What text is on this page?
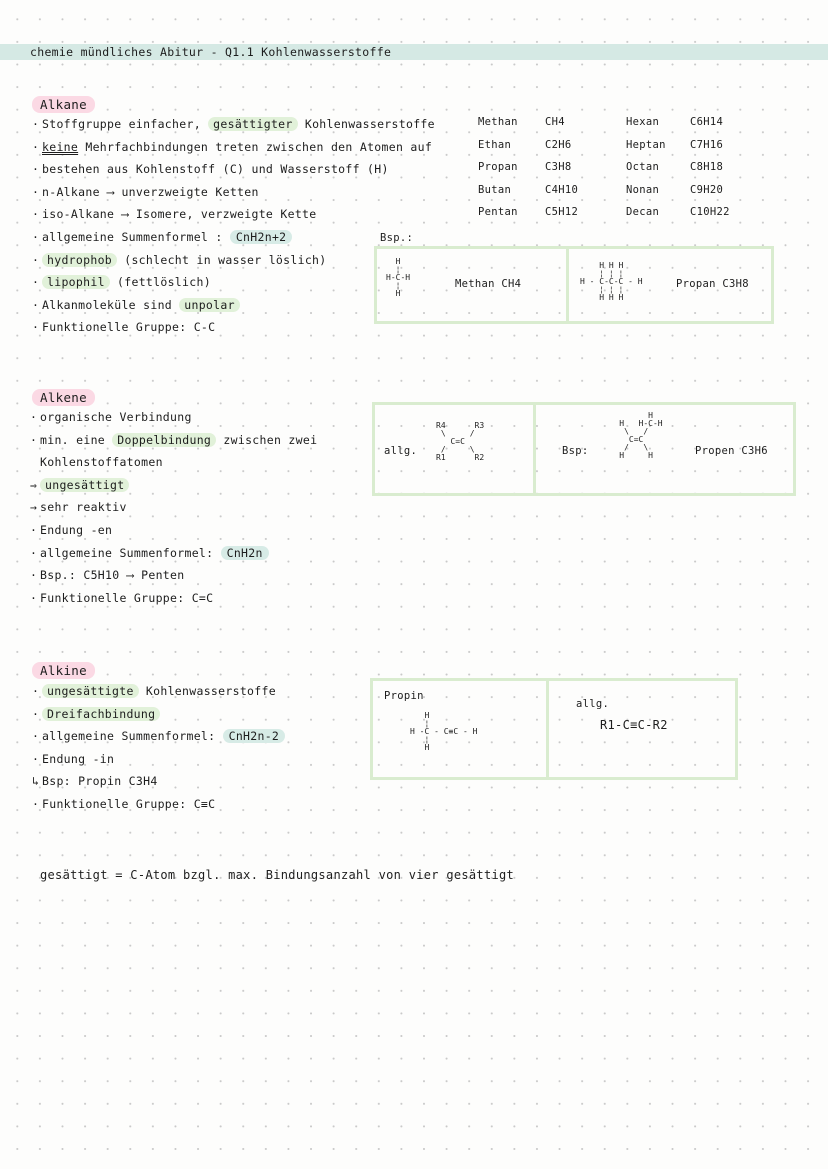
chemie mündliches Abitur - Q1.1 Kohlenwasserstoffe
Alkane
· Stoffgruppe einfacher, gesättigter Kohlenwasserstoffe
· keine Mehrfachbindungen treten zwischen den Atomen auf
· bestehen aus Kohlenstoff (C) und Wasserstoff (H)
· n-Alkane ⟶ unverzweigte Ketten
· iso-Alkane ⟶ Isomere, verzweigte Kette
· allgemeine Summenformel : CnH2n+2
· hydrophob (schlecht in wasser löslich)
· lipophil (fettlöslich)
· Alkanmoleküle sind unpolar
· Funktionelle Gruppe: C-C
Methan	CH4	Hexan	C6H14
Ethan	C2H6	Heptan C7H16
Propan	C3H8	Octan	C8H18
Butan	C4H10	Nonan	C9H20
Pentan	C5H12	Decan	C10H22
Bsp.:
H
¦
H-C-H
¦
H
Methan CH4
H H H
¦ ¦ ¦
H - C-C-C - H
¦ ¦ ¦
H H H
Propan C3H8
Alkene
· organische Verbindung
· min. eine Doppelbindung zwischen zwei
Kohlenstoffatomen
⇒ ungesättigt
→ sehr reaktiv
· Endung -en
· allgemeine Summenformel: CnH2n
· Bsp.: C5H10 ⟶ Penten
· Funktionelle Gruppe: C=C
allg.
R4      R3
\     /
C=C
/     \
R1      R2
Bsp:
H
H   H-C-H
\   /
C=C
/   \
H     H	Propen C3H6
Alkine
· ungesättigte Kohlenwasserstoffe
· Dreifachbindung
· allgemeine Summenformel: CnH2n-2
· Endung -in
↳ Bsp: Propin C3H4
· Funktionelle Gruppe: C≡C
Propin
H
¦
H -C - C≡C - H
¦
H
allg.
R1-C≡C-R2
gesättigt = C-Atom bzgl. max. Bindungsanzahl von vier gesättigt
